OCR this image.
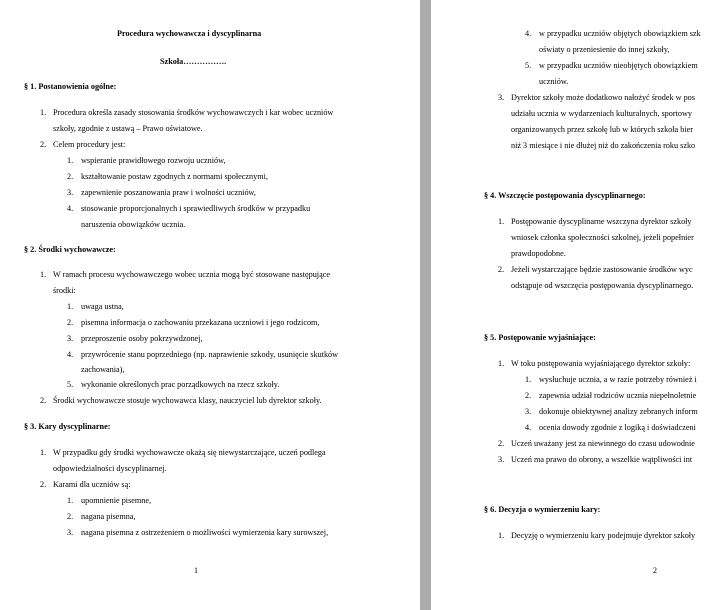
Procedura wychowawcza i dyscyplinarna
Szkoła…………….
§ 1. Postanowienia ogólne:
1. Procedura określa zasady stosowania środków wychowawczych i kar wobec uczniów
szkoły, zgodnie z ustawą – Prawo oświatowe.
2. Celem procedury jest:
1. wspieranie prawidłowego rozwoju uczniów,
2. kształtowanie postaw zgodnych z normami społecznymi,
3. zapewnienie poszanowania praw i wolności uczniów,
4. stosowanie proporcjonalnych i sprawiedliwych środków w przypadku
naruszenia obowiązków ucznia.
§ 2. Środki wychowawcze:
1. W ramach procesu wychowawczego wobec ucznia mogą być stosowane następujące
środki:
1. uwaga ustna,
2. pisemna informacja o zachowaniu przekazana uczniowi i jego rodzicom,
3. przeproszenie osoby pokrzywdzonej,
4. przywrócenie stanu poprzedniego (np. naprawienie szkody, usunięcie skutków
zachowania),
5. wykonanie określonych prac porządkowych na rzecz szkoły.
2. Środki wychowawcze stosuje wychowawca klasy, nauczyciel lub dyrektor szkoły.
§ 3. Kary dyscyplinarne:
1. W przypadku gdy środki wychowawcze okażą się niewystarczające, uczeń podlega
odpowiedzialności dyscyplinarnej.
2. Karami dla uczniów są:
1. upomnienie pisemne,
2. nagana pisemna,
3. nagana pisemna z ostrzeżeniem o możliwości wymierzenia kary surowszej,
1
4. w przypadku uczniów objętych obowiązkiem szk
oświaty o przeniesienie do innej szkoły,
5. w przypadku uczniów nieobjętych obowiązkiem
uczniów.
3. Dyrektor szkoły może dodatkowo nałożyć środek w pos
udziału ucznia w wydarzeniach kulturalnych, sportowy
organizowanych przez szkołę lub w których szkoła bier
niż 3 miesiące i nie dłużej niż do zakończenia roku szko
§ 4. Wszczęcie postępowania dyscyplinarnego:
1. Postępowanie dyscyplinarne wszczyna dyrektor szkoły
wniosek członka społeczności szkolnej, jeżeli popełnier
prawdopodobne.
2. Jeżeli wystarczające będzie zastosowanie środków wyc
odstąpuje od wszczęcia postępowania dyscyplinarnego.
§ 5. Postępowanie wyjaśniające:
1. W toku postępowania wyjaśniającego dyrektor szkoły:
1. wysłuchuje ucznia, a w razie potrzeby również i
2. zapewnia udział rodziców ucznia niepełnoletnie
3. dokonuje obiektywnej analizy zebranych inform
4. ocenia dowody zgodnie z logiką i doświadczeni
2. Uczeń uważany jest za niewinnego do czasu udowodnie
3. Uczeń ma prawo do obrony, a wszelkie wątpliwości int
§ 6. Decyzja o wymierzeniu kary:
1. Decyzję o wymierzeniu kary podejmuje dyrektor szkoły
2
